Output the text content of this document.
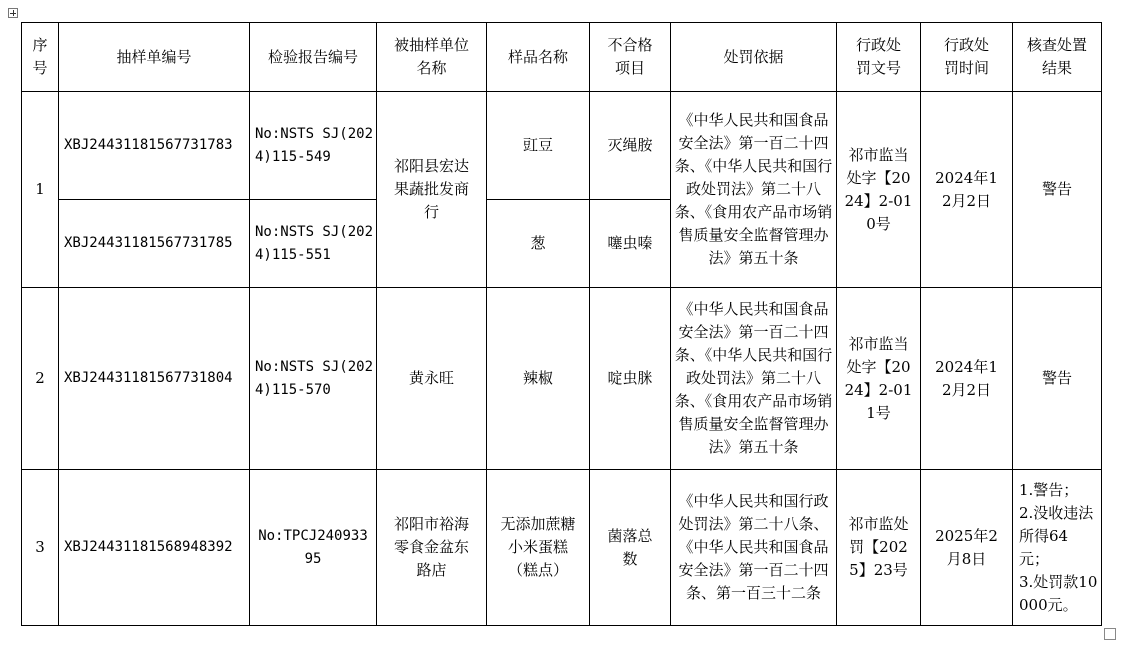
序号	抽样单编号	检验报告编号	被抽样单位名称	样品名称	不合格项目	处罚依据	行政处罚文号	行政处罚时间	核查处置结果
1	XBJ24431181567731783	No:NSTS SJ(2024)115-549	祁阳县宏达果蔬批发商行	豇豆	灭绳胺	《中华人民共和国食品安全法》第一百二十四条、《中华人民共和国行政处罚法》第二十八条、《食用农产品市场销售质量安全监督管理办法》第五十条	祁市监当处字【2024】2-010号	2024年12月2日	警告
	XBJ24431181567731785	No:NSTS SJ(2024)115-551		葱	噻虫嗪				
2	XBJ24431181567731804	No:NSTS SJ(2024)115-570	黄永旺	辣椒	啶虫脒	《中华人民共和国食品安全法》第一百二十四条、《中华人民共和国行政处罚法》第二十八条、《食用农产品市场销售质量安全监督管理办法》第五十条	祁市监当处字【2024】2-011号	2024年12月2日	警告
3	XBJ24431181568948392	No:TPCJ24093395	祁阳市裕海零食金盆东路店	无添加蔗糖小米蛋糕（糕点）	菌落总数	《中华人民共和国行政处罚法》第二十八条、《中华人民共和国食品安全法》第一百二十四条、第一百三十二条	祁市监处罚【2025】23号	2025年2月8日	1.警告；
2.没收违法所得64元；
3.处罚款10000元。
